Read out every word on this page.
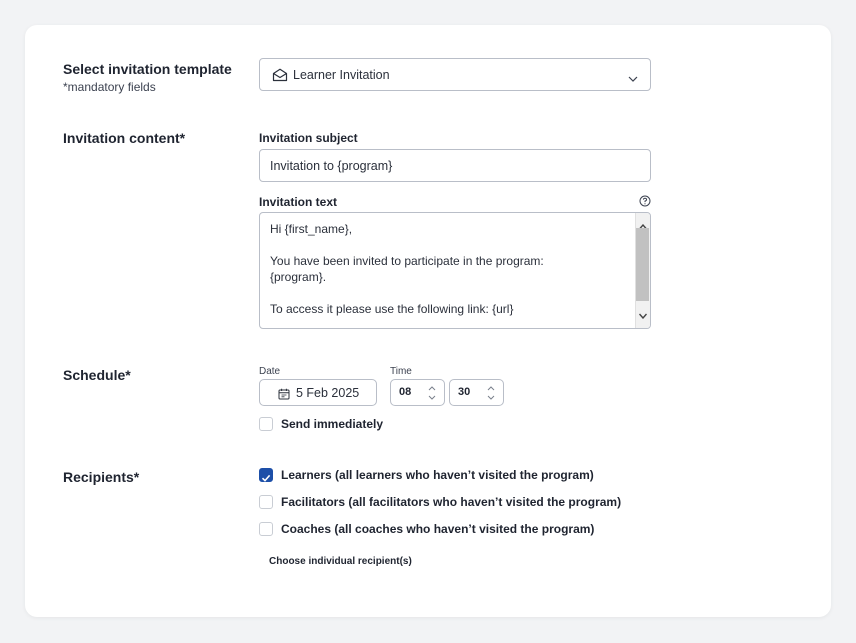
Select invitation template
*mandatory fields
Learner Invitation
Invitation content*	Invitation subject
Invitation to {program}
Invitation text

Hi {first_name},

You have been invited to participate in the program:

{program}.

To access it please use the following link: {url}

Schedule*	Date	Time
5 Feb 2025	08	30
Send immediately
Recipients*	Learners (all learners who haven’t visited the program)
Facilitators (all facilitators who haven’t visited the program)
Coaches (all coaches who haven’t visited the program)
Choose individual recipient(s)
